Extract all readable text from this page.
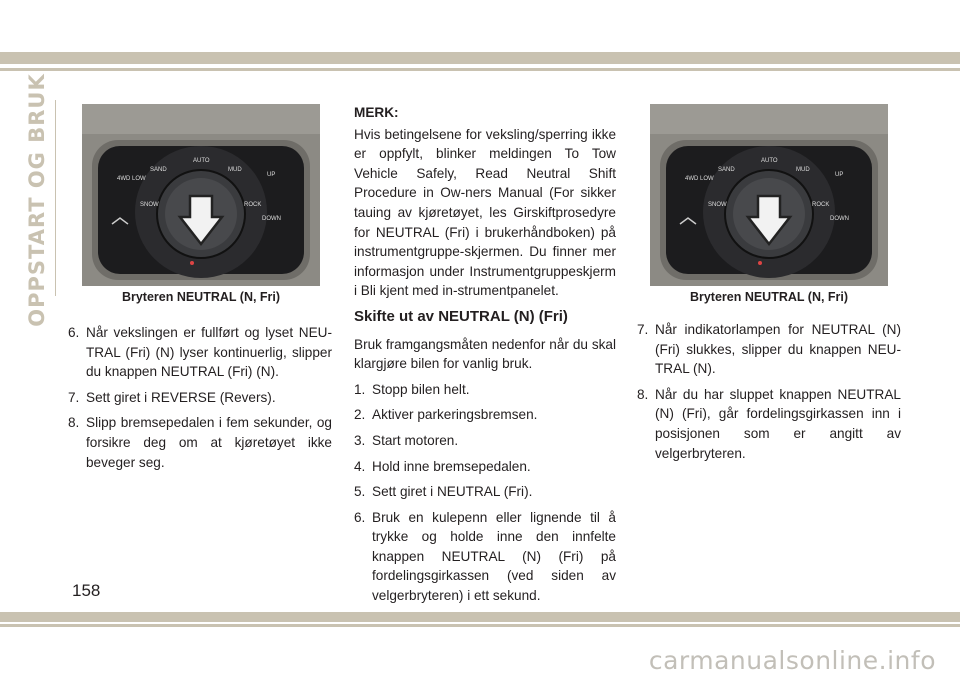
OPPSTART OG BRUK	4WD LOW
SAND
AUTO
MUD
UP
SNOW	ROCK
DOWN
Bryteren NEUTRAL (N, Fri)
4WD LOW
SAND
AUTO
MUD
UP
SNOW	ROCK
DOWN
Bryteren NEUTRAL (N, Fri)
6. Når vekslingen er fullført og lyset NEU-TRAL (Fri) (N) lyser kontinuerlig, slipper du knappen NEUTRAL (Fri) (N).
7. Sett giret i REVERSE (Revers).
8. Slipp bremsepedalen i fem sekunder, og forsikre deg om at kjøretøyet ikke beveger seg.
MERK:

Hvis betingelsene for veksling/sperring ikke er oppfylt, blinker meldingen To Tow Vehicle Safely, Read Neutral Shift Procedure in Ow-ners Manual (For sikker tauing av kjøretøyet, les Girskiftprosedyre for NEUTRAL (Fri) i brukerhåndboken) på instrumentgruppe-skjermen. Du finner mer informasjon under Instrumentgruppeskjerm i Bli kjent med in-strumentpanelet.

Skifte ut av NEUTRAL (N) (Fri)

Bruk framgangsmåten nedenfor når du skal klargjøre bilen for vanlig bruk.

1. Stopp bilen helt.
2. Aktiver parkeringsbremsen.
3. Start motoren.
4. Hold inne bremsepedalen.
5. Sett giret i NEUTRAL (Fri).
6. Bruk en kulepenn eller lignende til å trykke og holde inne den innfelte knappen NEUTRAL (N) (Fri) på fordelingsgirkassen (ved siden av velgerbryteren) i ett sekund.
7. Når indikatorlampen for NEUTRAL (N) (Fri) slukkes, slipper du knappen NEU-TRAL (N).
8. Når du har sluppet knappen NEUTRAL (N) (Fri), går fordelingsgirkassen inn i posisjonen som er angitt av velgerbryteren.
158
carmanualsonline.info
